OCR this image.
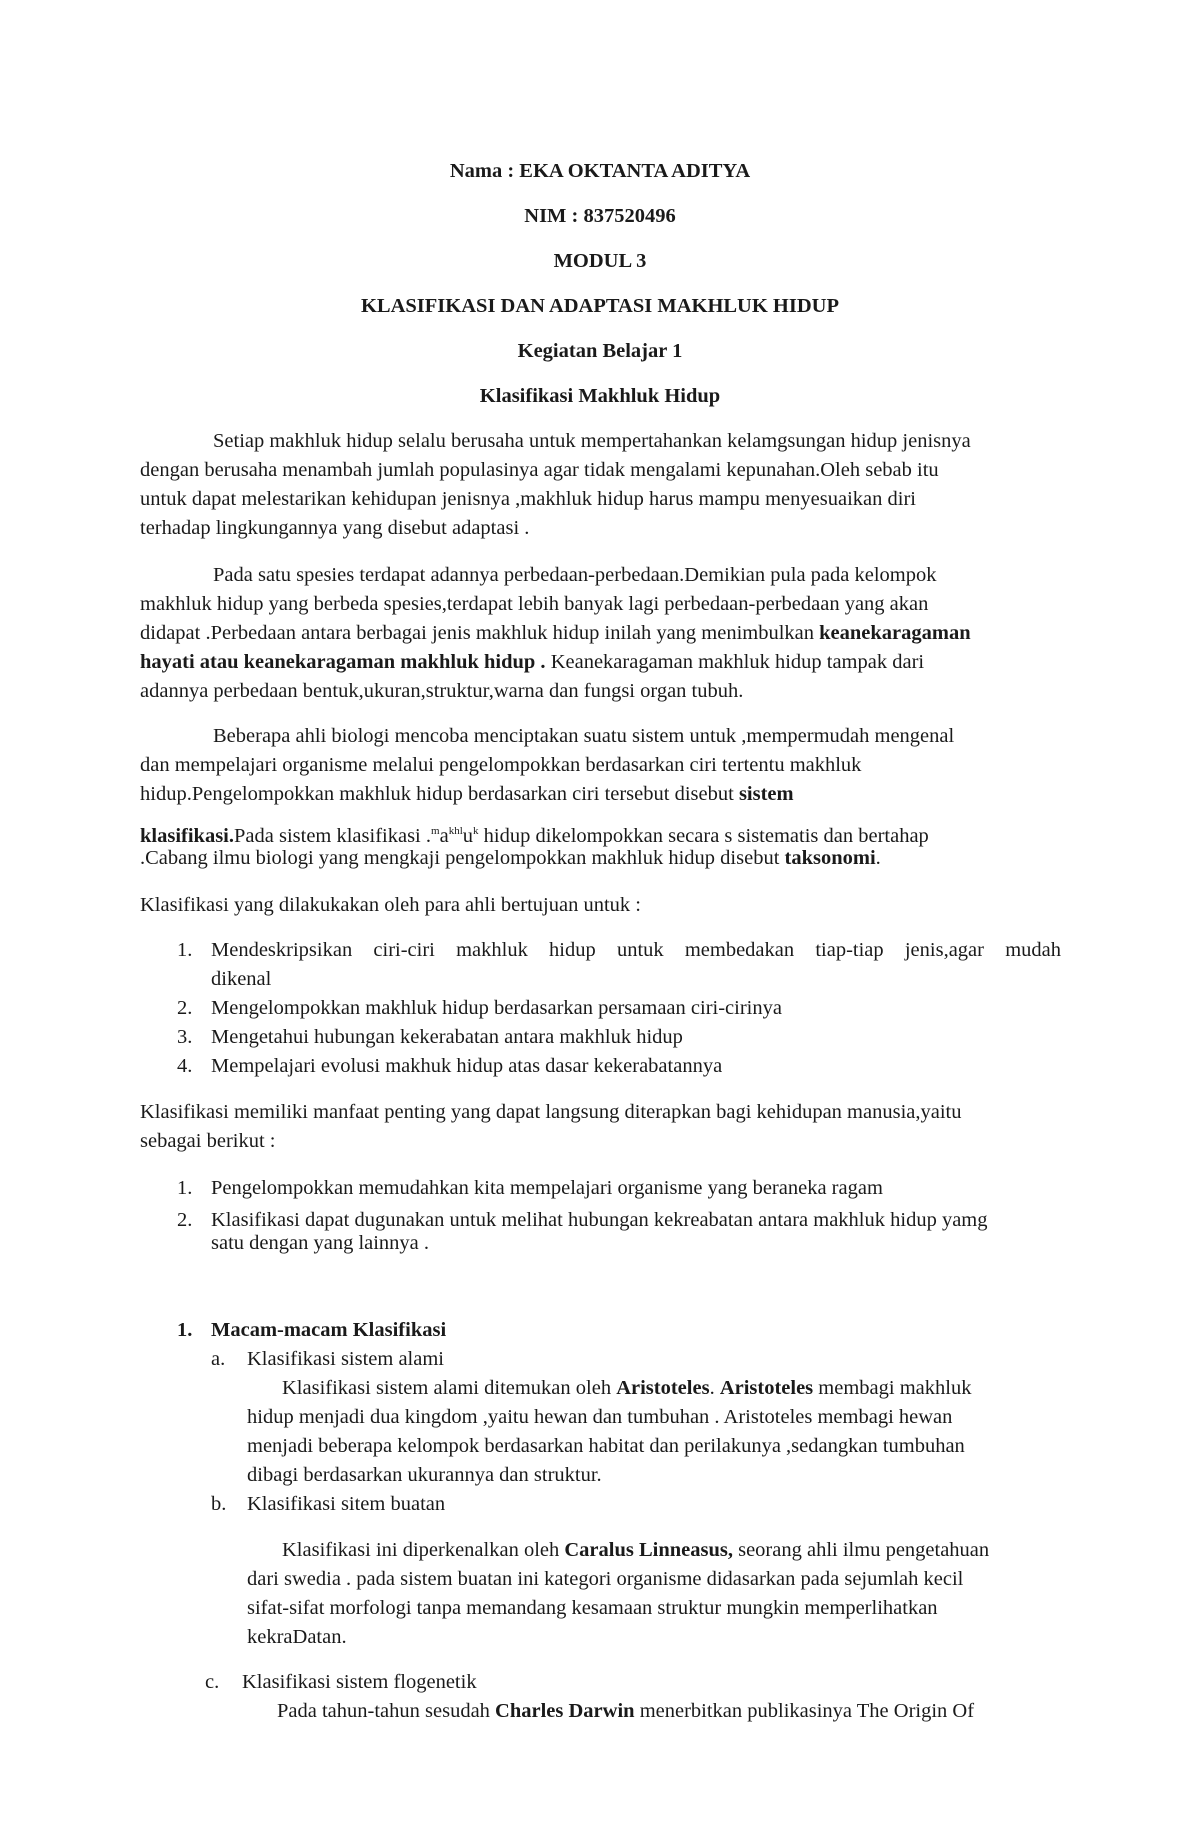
Nama : EKA OKTANTA ADITYA
NIM : 837520496
MODUL 3
KLASIFIKASI DAN ADAPTASI MAKHLUK HIDUP
Kegiatan Belajar 1
Klasifikasi Makhluk Hidup
Setiap makhluk hidup selalu berusaha untuk mempertahankan kelamgsungan hidup jenisnya
dengan berusaha menambah jumlah populasinya agar tidak mengalami kepunahan.Oleh sebab itu
untuk dapat melestarikan kehidupan jenisnya ,makhluk hidup harus mampu menyesuaikan diri
terhadap lingkungannya yang disebut adaptasi .
Pada satu spesies terdapat adannya perbedaan-perbedaan.Demikian pula pada kelompok
makhluk hidup yang berbeda spesies,terdapat lebih banyak lagi perbedaan-perbedaan yang akan
didapat .Perbedaan antara berbagai jenis makhluk hidup inilah yang menimbulkan keanekaragaman
hayati atau keanekaragaman makhluk hidup . Keanekaragaman makhluk hidup tampak dari
adannya perbedaan bentuk,ukuran,struktur,warna dan fungsi organ tubuh.
Beberapa ahli biologi mencoba menciptakan suatu sistem untuk ,mempermudah mengenal
dan mempelajari organisme melalui pengelompokkan berdasarkan ciri tertentu makhluk
hidup.Pengelompokkan makhluk hidup berdasarkan ciri tersebut disebut sistem
klasifikasi.Pada sistem klasifikasi $.^ma^{khl}u^k$ hidup dikelompokkan secara s sistematis dan bertahap
.Cabang ilmu biologi yang mengkaji pengelompokkan makhluk hidup disebut taksonomi.
Klasifikasi yang dilakukakan oleh para ahli bertujuan untuk :
1. Mendeskripsikan ciri-ciri makhluk hidup untuk membedakan tiap-tiap jenis,agar mudah
dikenal
2. Mengelompokkan makhluk hidup berdasarkan persamaan ciri-cirinya
3. Mengetahui hubungan kekerabatan antara makhluk hidup
4. Mempelajari evolusi makhuk hidup atas dasar kekerabatannya
Klasifikasi memiliki manfaat penting yang dapat langsung diterapkan bagi kehidupan manusia,yaitu
sebagai berikut :
1. Pengelompokkan memudahkan kita mempelajari organisme yang beraneka ragam
2. Klasifikasi dapat dugunakan untuk melihat hubungan kekreabatan antara makhluk hidup yamg
satu dengan yang lainnya .
1. Macam-macam Klasifikasi
a. Klasifikasi sistem alami
Klasifikasi sistem alami ditemukan oleh Aristoteles. Aristoteles membagi makhluk
hidup menjadi dua kingdom ,yaitu hewan dan tumbuhan . Aristoteles membagi hewan
menjadi beberapa kelompok berdasarkan habitat dan perilakunya ,sedangkan tumbuhan
dibagi berdasarkan ukurannya dan struktur.
b. Klasifikasi sitem buatan
Klasifikasi ini diperkenalkan oleh Caralus Linneasus, seorang ahli ilmu pengetahuan
dari swedia . pada sistem buatan ini kategori organisme didasarkan pada sejumlah kecil
sifat-sifat morfologi tanpa memandang kesamaan struktur mungkin memperlihatkan
kekraDatan.
c. Klasifikasi sistem flogenetik
Pada tahun-tahun sesudah Charles Darwin menerbitkan publikasinya The Origin Of
